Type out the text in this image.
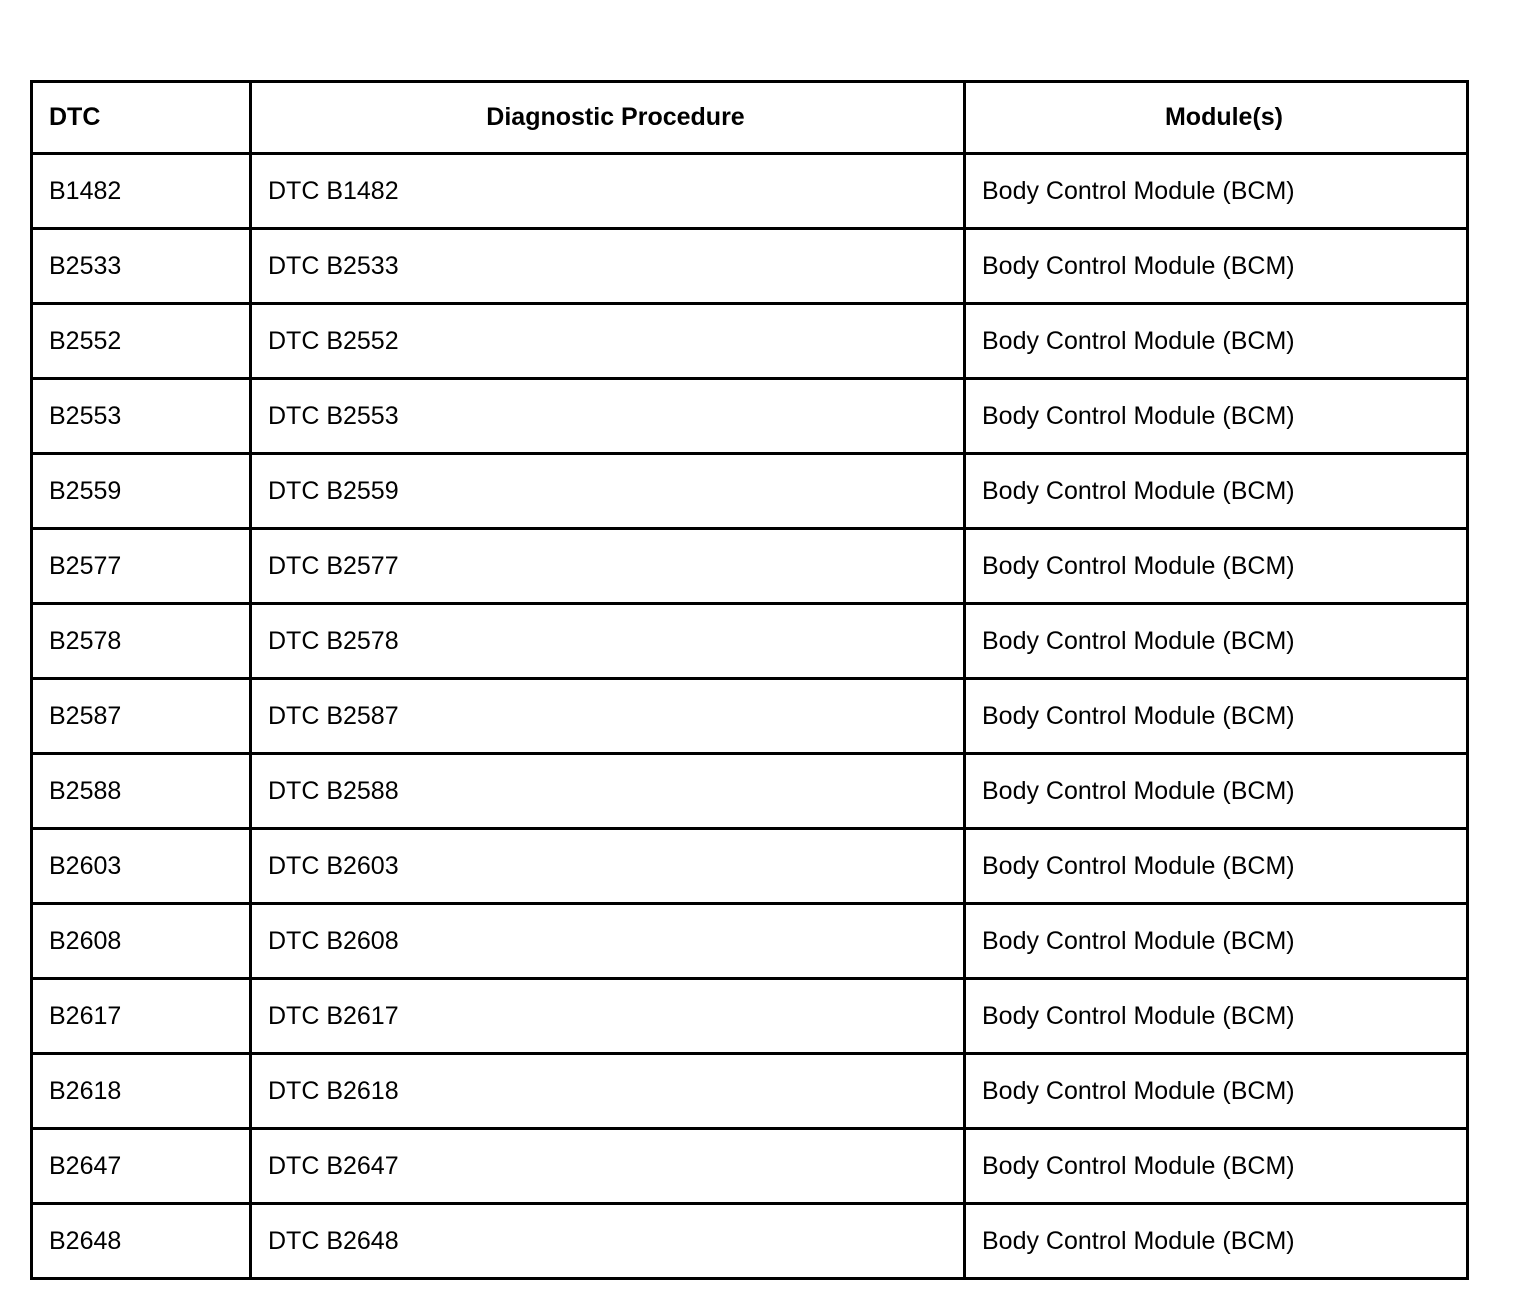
DTC	Diagnostic Procedure	Module(s)
B1482	DTC B1482	Body Control Module (BCM)
B2533	DTC B2533	Body Control Module (BCM)
B2552	DTC B2552	Body Control Module (BCM)
B2553	DTC B2553	Body Control Module (BCM)
B2559	DTC B2559	Body Control Module (BCM)
B2577	DTC B2577	Body Control Module (BCM)
B2578	DTC B2578	Body Control Module (BCM)
B2587	DTC B2587	Body Control Module (BCM)
B2588	DTC B2588	Body Control Module (BCM)
B2603	DTC B2603	Body Control Module (BCM)
B2608	DTC B2608	Body Control Module (BCM)
B2617	DTC B2617	Body Control Module (BCM)
B2618	DTC B2618	Body Control Module (BCM)
B2647	DTC B2647	Body Control Module (BCM)
B2648	DTC B2648	Body Control Module (BCM)
